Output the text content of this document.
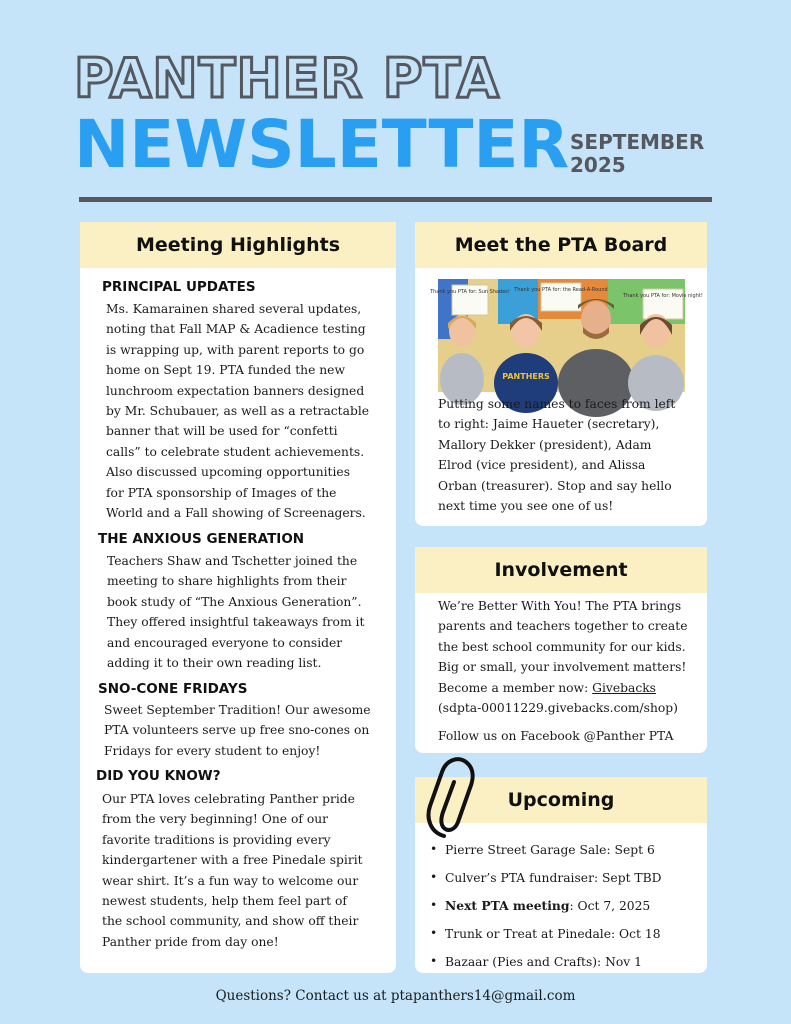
PANTHER PTA
NEWSLETTER SEPTEMBER
2025
Meeting Highlights
PRINCIPAL UPDATES
Ms. Kamarainen shared several updates,
noting that Fall MAP & Acadience testing
is wrapping up, with parent reports to go
home on Sept 19. PTA funded the new
lunchroom expectation banners designed
by Mr. Schubauer, as well as a retractable
banner that will be used for “confetti
calls” to celebrate student achievements.
Also discussed upcoming opportunities
for PTA sponsorship of Images of the
World and a Fall showing of Screenagers.
THE ANXIOUS GENERATION
Teachers Shaw and Tschetter joined the
meeting to share highlights from their
book study of “The Anxious Generation”.
They offered insightful takeaways from it
and encouraged everyone to consider
adding it to their own reading list.
SNO-CONE FRIDAYS
Sweet September Tradition! Our awesome
PTA volunteers serve up free sno-cones on
Fridays for every student to enjoy!
DID YOU KNOW?
Our PTA loves celebrating Panther pride
from the very beginning! One of our
favorite traditions is providing every
kindergartener with a free Pinedale spirit
wear shirt. It’s a fun way to welcome our
newest students, help them feel part of
the school community, and show off their
Panther pride from day one!
Meet the PTA Board
Thank you PTA for: Sun Shades! Thank you PTA for: the Read-A-Round
Thank you PTA for: Movie night!
PANTHERS
Putting some names to faces from left
to right: Jaime Haueter (secretary),
Mallory Dekker (president), Adam
Elrod (vice president), and Alissa
Orban (treasurer). Stop and say hello
next time you see one of us!
Involvement
We’re Better With You! The PTA brings
parents and teachers together to create
the best school community for our kids.
Big or small, your involvement matters!
Become a member now: Givebacks
(sdpta-00011229.givebacks.com/shop)
Follow us on Facebook @Panther PTA
Upcoming
• Pierre Street Garage Sale: Sept 6
• Culver’s PTA fundraiser: Sept TBD
• Next PTA meeting: Oct 7, 2025
• Trunk or Treat at Pinedale: Oct 18
• Bazaar (Pies and Crafts): Nov 1
Questions? Contact us at ptapanthers14@gmail.com
